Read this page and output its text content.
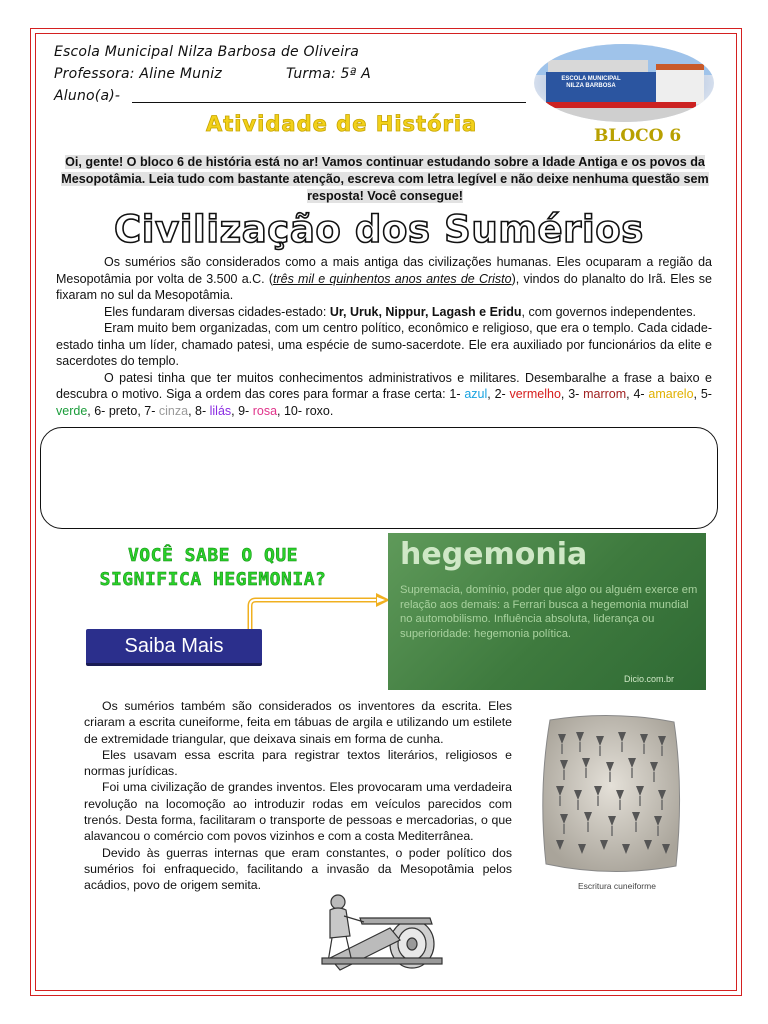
Escola Municipal Nilza Barbosa de Oliveira
Professora: Aline Muniz	Turma: 5ª A
Aluno(a)-
ESCOLA MUNICIPAL NILZA BARBOSA
Atividade de História	BLOCO 6
Oi, gente! O bloco 6 de história está no ar! Vamos continuar estudando sobre a Idade Antiga e os povos da
Mesopotâmia. Leia tudo com bastante atenção, escreva com letra legível e não deixe nenhuma questão sem
resposta! Você consegue!
Civilização dos Sumérios

Os sumérios são considerados como a mais antiga das civilizações humanas. Eles ocuparam a região da Mesopotâmia por volta de 3.500 a.C. (três mil e quinhentos anos antes de Cristo), vindos do planalto do Irã. Eles se fixaram no sul da Mesopotâmia.

Eles fundaram diversas cidades-estado: Ur, Uruk, Nippur, Lagash e Eridu, com governos independentes.

Eram muito bem organizadas, com um centro político, econômico e religioso, que era o templo. Cada cidade-estado tinha um líder, chamado patesi, uma espécie de sumo-sacerdote. Ele era auxiliado por funcionários da elite e sacerdotes do templo.

O patesi tinha que ter muitos conhecimentos administrativos e militares. Desembaralhe a frase a baixo e descubra o motivo. Siga a ordem das cores para formar a frase certa: 1- azul, 2- vermelho, 3- marrom, 4- amarelo, 5- verde, 6- preto, 7- cinza, 8- lilás, 9- rosa, 10- roxo.

VOCÊ SABE O QUE
SIGNIFICA HEGEMONIA?
Saiba Mais
hegemonia
Supremacia, domínio, poder que algo ou alguém exerce em relação aos demais: a Ferrari busca a hegemonia mundial no automobilismo. Influência absoluta, liderança ou superioridade: hegemonia política.
Dicio.com.br

Os sumérios também são considerados os inventores da escrita. Eles criaram a escrita cuneiforme, feita em tábuas de argila e utilizando um estilete de extremidade triangular, que deixava sinais em forma de cunha.

Eles usavam essa escrita para registrar textos literários, religiosos e normas jurídicas.

Foi uma civilização de grandes inventos. Eles provocaram uma verdadeira revolução na locomoção ao introduzir rodas em veículos parecidos com trenós. Desta forma, facilitaram o transporte de pessoas e mercadorias, o que alavancou o comércio com povos vizinhos e com a costa Mediterrânea.

Devido às guerras internas que eram constantes, o poder político dos sumérios foi enfraquecido, facilitando a invasão da Mesopotâmia pelos acádios, povo de origem semita.	Escritura cuneiforme
